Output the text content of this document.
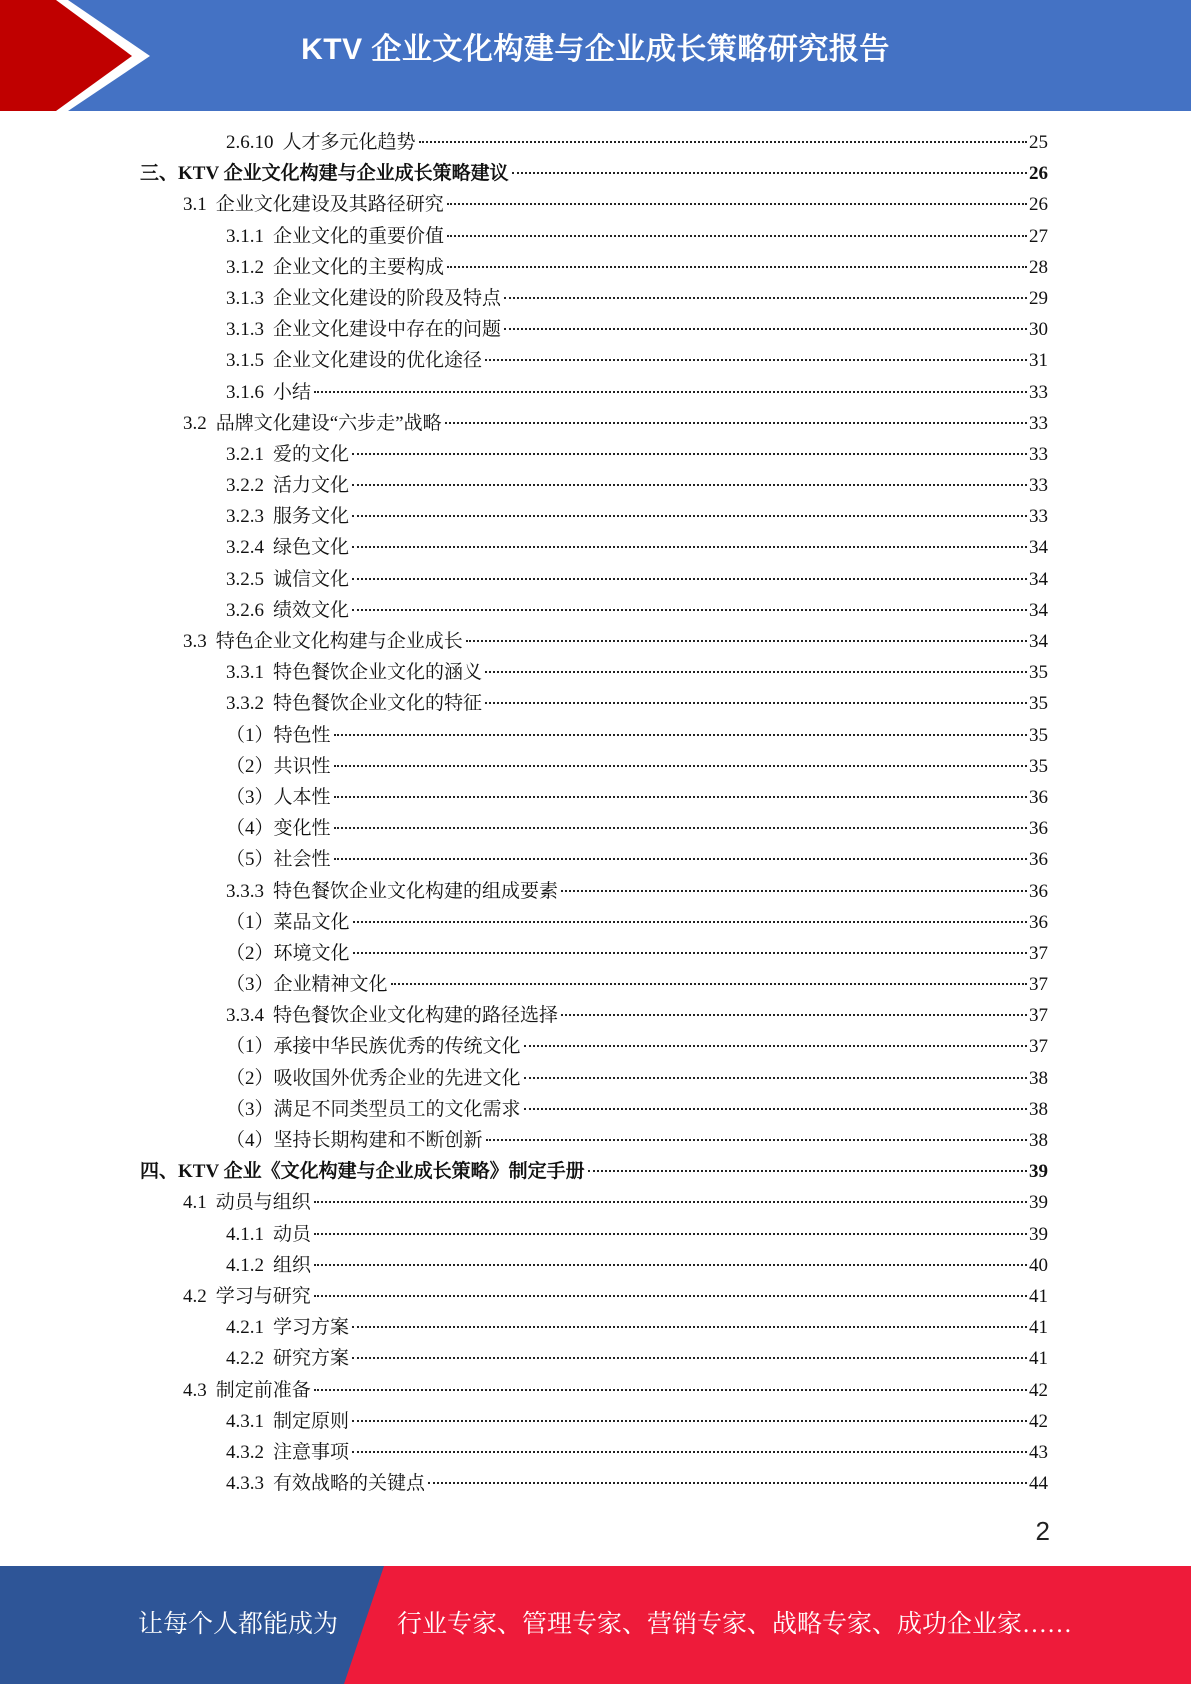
KTV 企业文化构建与企业成长策略研究报告
2.6.10 人才多元化趋势	25
三、 KTV 企业文化构建与企业成长策略建议	26
3.1 企业文化建设及其路径研究	26
3.1.1 企业文化的重要价值	27
3.1.2 企业文化的主要构成	28
3.1.3 企业文化建设的阶段及特点	29
3.1.3 企业文化建设中存在的问题	30
3.1.5 企业文化建设的优化途径	31
3.1.6 小结	33
3.2 品牌文化建设“六步走”战略	33
3.2.1 爱的文化	33
3.2.2 活力文化	33
3.2.3 服务文化	33
3.2.4 绿色文化	34
3.2.5 诚信文化	34
3.2.6 绩效文化	34
3.3 特色企业文化构建与企业成长	34
3.3.1 特色餐饮企业文化的涵义	35
3.3.2 特色餐饮企业文化的特征	35
（1） 特色性	35
（2） 共识性	35
（3） 人本性	36
（4） 变化性	36
（5） 社会性	36
3.3.3 特色餐饮企业文化构建的组成要素	36
（1） 菜品文化	36
（2） 环境文化	37
（3） 企业精神文化	37
3.3.4 特色餐饮企业文化构建的路径选择	37
（1） 承接中华民族优秀的传统文化	37
（2） 吸收国外优秀企业的先进文化	38
（3） 满足不同类型员工的文化需求	38
（4） 坚持长期构建和不断创新	38
四、 KTV 企业《文化构建与企业成长策略》制定手册	39
4.1 动员与组织	39
4.1.1 动员	39
4.1.2 组织	40
4.2 学习与研究	41
4.2.1 学习方案	41
4.2.2 研究方案	41
4.3 制定前准备	42
4.3.1 制定原则	42
4.3.2 注意事项	43
4.3.3 有效战略的关键点	44
2
让每个人都能成为 行业专家、管理专家、营销专家、战略专家、成功企业家……
